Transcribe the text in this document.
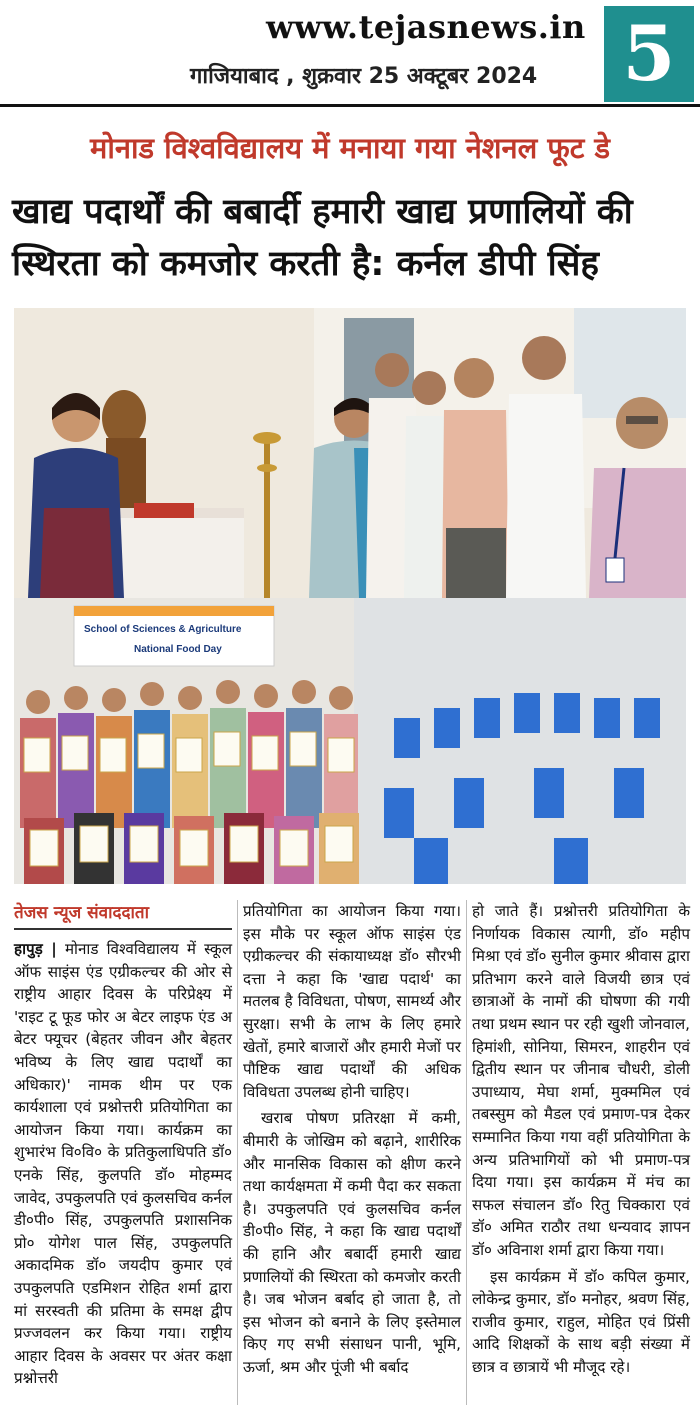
www.tejasnews.in
गाजियाबाद , शुक्रवार 25 अक्टूबर 2024 5
मोनाड विश्वविद्यालय में मनाया गया नेशनल फूट डे
खाद्य पदार्थों की बबार्दी हमारी खाद्य प्रणालियों की स्थिरता को कमजोर करती है: कर्नल डीपी सिंह
School of Sciences & Agriculture
National Food Day
तेजस न्यूज संवाददाता

हापुड़ | मोनाड विश्वविद्यालय में स्कूल ऑफ साइंस एंड एग्रीकल्चर की ओर से राष्ट्रीय आहार दिवस के परिप्रेक्ष्य में 'राइट टू फूड फोर अ बेटर लाइफ एंड अ बेटर फ्यूचर (बेहतर जीवन और बेहतर भविष्य के लिए खाद्य पदार्थों का अधिकार)' नामक थीम पर एक कार्यशाला एवं प्रश्नोत्तरी प्रतियोगिता का आयोजन किया गया। कार्यक्रम का शुभारंभ वि०वि० के प्रतिकुलाधिपति डॉ० एनके सिंह, कुलपति डॉ० मोहम्मद जावेद, उपकुलपति एवं कुलसचिव कर्नल डी०पी० सिंह, उपकुलपति प्रशासनिक प्रो० योगेश पाल सिंह, उपकुलपति अकादमिक डॉ० जयदीप कुमार एवं उपकुलपति एडमिशन रोहित शर्मा द्वारा मां सरस्वती की प्रतिमा के समक्ष द्वीप प्रज्जवलन कर किया गया। राष्ट्रीय आहार दिवस के अवसर पर अंतर कक्षा प्रश्नोत्तरी

प्रतियोगिता का आयोजन किया गया। इस मौके पर स्कूल ऑफ साइंस एंड एग्रीकल्चर की संकायाध्यक्ष डॉ० सौरभी दत्ता ने कहा कि 'खाद्य पदार्थ' का मतलब है विविधता, पोषण, सामर्थ्य और सुरक्षा। सभी के लाभ के लिए हमारे खेतों, हमारे बाजारों और हमारी मेजों पर पौष्टिक खाद्य पदार्थों की अधिक विविधता उपलब्ध होनी चाहिए।

खराब पोषण प्रतिरक्षा में कमी, बीमारी के जोखिम को बढ़ाने, शारीरिक और मानसिक विकास को क्षीण करने तथा कार्यक्षमता में कमी पैदा कर सकता है। उपकुलपति एवं कुलसचिव कर्नल डी०पी० सिंह, ने कहा कि खाद्य पदार्थों की हानि और बबार्दी हमारी खाद्य प्रणालियों की स्थिरता को कमजोर करती है। जब भोजन बर्बाद हो जाता है, तो इस भोजन को बनाने के लिए इस्तेमाल किए गए सभी संसाधन पानी, भूमि, ऊर्जा, श्रम और पूंजी भी बर्बाद

हो जाते हैं। प्रश्नोत्तरी प्रतियोगिता के निर्णायक विकास त्यागी, डॉ० महीप मिश्रा एवं डॉ० सुनील कुमार श्रीवास द्वारा प्रतिभाग करने वाले विजयी छात्र एवं छात्राओं के नामों की घोषणा की गयी तथा प्रथम स्थान पर रही खुशी जोनवाल, हिमांशी, सोनिया, सिमरन, शाहरीन एवं द्वितीय स्थान पर जीनाब चौधरी, डोली उपाध्याय, मेघा शर्मा, मुक्ममिल एवं तबस्सुम को मैडल एवं प्रमाण-पत्र देकर सम्मानित किया गया वहीं प्रतियोगिता के अन्य प्रतिभागियों को भी प्रमाण-पत्र दिया गया। इस कार्यक्रम में मंच का सफल संचालन डॉ० रितु चिक्कारा एवं डॉ० अमित राठौर तथा धन्यवाद ज्ञापन डॉ० अविनाश शर्मा द्वारा किया गया।

इस कार्यक्रम में डॉ० कपिल कुमार, लोकेन्द्र कुमार, डॉ० मनोहर, श्रवण सिंह, राजीव कुमार, राहुल, मोहित एवं प्रिंसी आदि शिक्षकों के साथ बड़ी संख्या में छात्र व छात्रायें भी मौजूद रहे।
